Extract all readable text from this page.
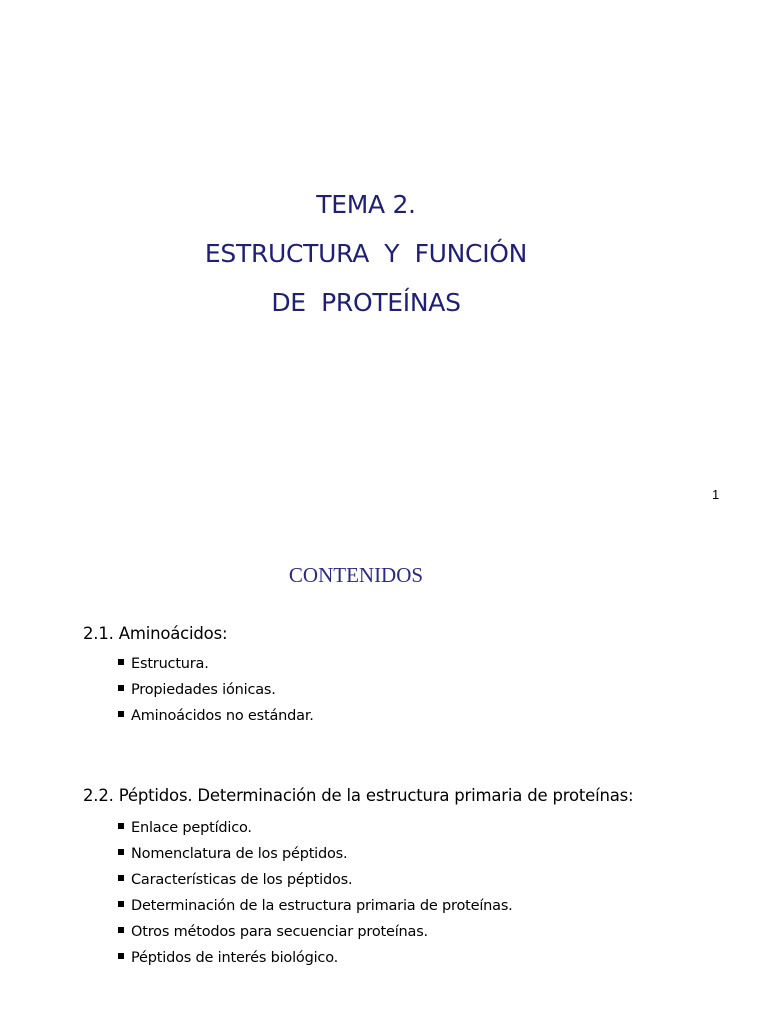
TEMA 2.
ESTRUCTURA  Y  FUNCIÓN
DE  PROTEÍNAS
1
CONTENIDOS
2.1. Aminoácidos:
Estructura.
Propiedades iónicas.
Aminoácidos no estándar.
2.2. Péptidos. Determinación de la estructura primaria de proteínas:
Enlace peptídico.
Nomenclatura de los péptidos.
Características de los péptidos.
Determinación de la estructura primaria de proteínas.
Otros métodos para secuenciar proteínas.
Péptidos de interés biológico.
